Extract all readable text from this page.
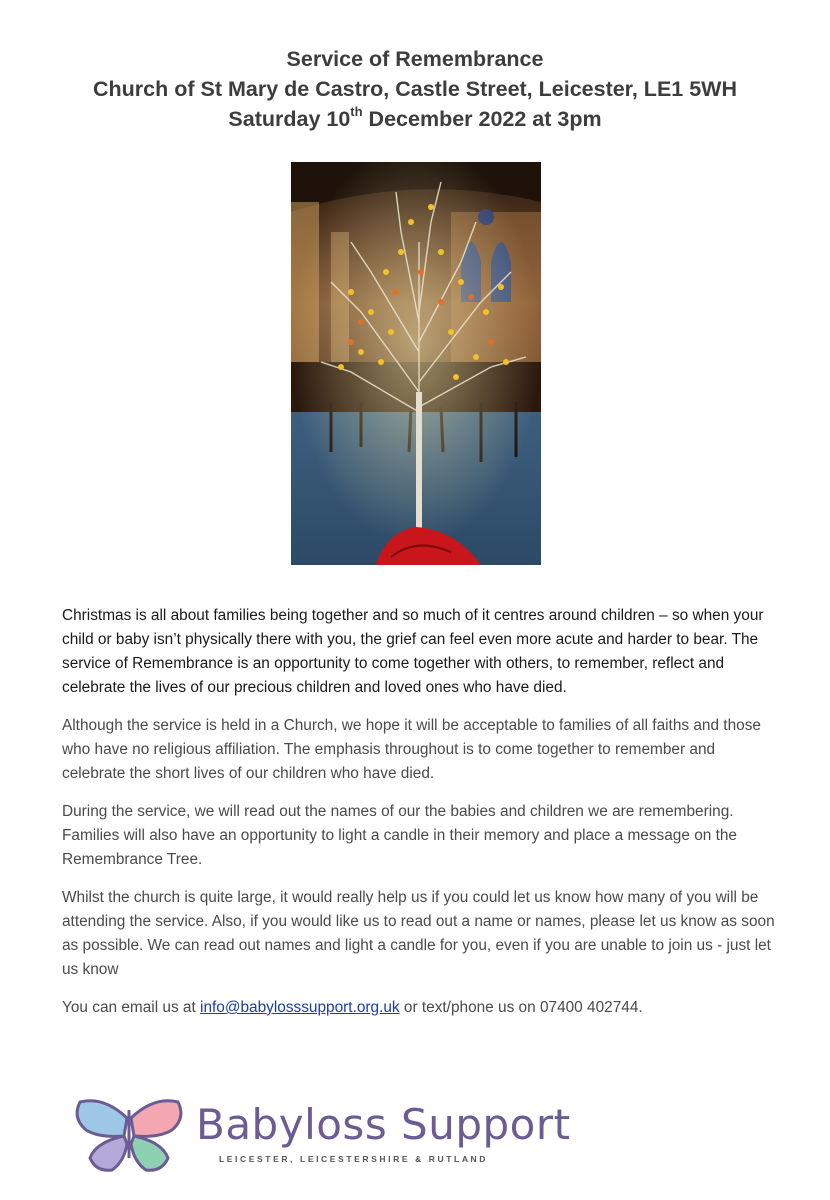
Service of Remembrance
Church of St Mary de Castro, Castle Street, Leicester, LE1 5WH
Saturday 10th December 2022 at 3pm

Christmas is all about families being together and so much of it centres around children – so when your child or baby isn’t physically there with you, the grief can feel even more acute and harder to bear. The service of Remembrance is an opportunity to come together with others, to remember, reflect and celebrate the lives of our precious children and loved ones who have died.

Although the service is held in a Church, we hope it will be acceptable to families of all faiths and those who have no religious affiliation. The emphasis throughout is to come together to remember and celebrate the short lives of our children who have died.

During the service, we will read out the names of our the babies and children we are remembering. Families will also have an opportunity to light a candle in their memory and place a message on the Remembrance Tree.

Whilst the church is quite large, it would really help us if you could let us know how many of you will be attending the service. Also, if you would like us to read out a name or names, please let us know as soon as possible. We can read out names and light a candle for you, even if you are unable to join us - just let us know

You can email us at info@babylosssupport.org.uk or text/phone us on 07400 402744.

Babyloss Support
LEICESTER, LEICESTERSHIRE & RUTLAND
